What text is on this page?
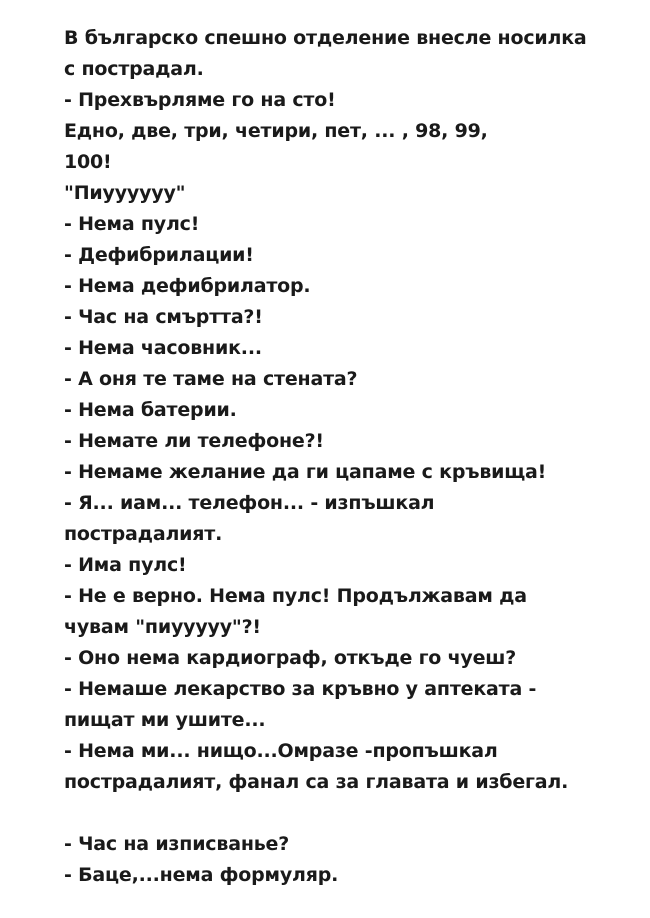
В българско спешно отделение внесле носилка
с пострадал.
- Прехвърляме го на сто!
Едно, две, три, четири, пет, ... , 98, 99,
100!
"Пиуууууу"
- Нема пулс!
- Дефибрилации!
- Нема дефибрилатор.
- Час на смъртта?!
- Нема часовник...
- А оня те таме на стената?
- Нема батерии.
- Немате ли телефоне?!
- Немаме желание да ги цапаме с кръвища!
- Я... иам... телефон... - изпъшкал
пострадалият.
- Има пулс!
- Не е верно. Нема пулс! Продължавам да
чувам "пиууууу"?!
- Оно нема кардиограф, откъде го чуеш?
- Немаше лекарство за кръвно у аптеката -
пищат ми ушите...
- Нема ми... нищо...Омразе -пропъшкал
пострадалият, фанал са за главата и избегал.
- Час на изписванье?
- Баце,...нема формуляр.
